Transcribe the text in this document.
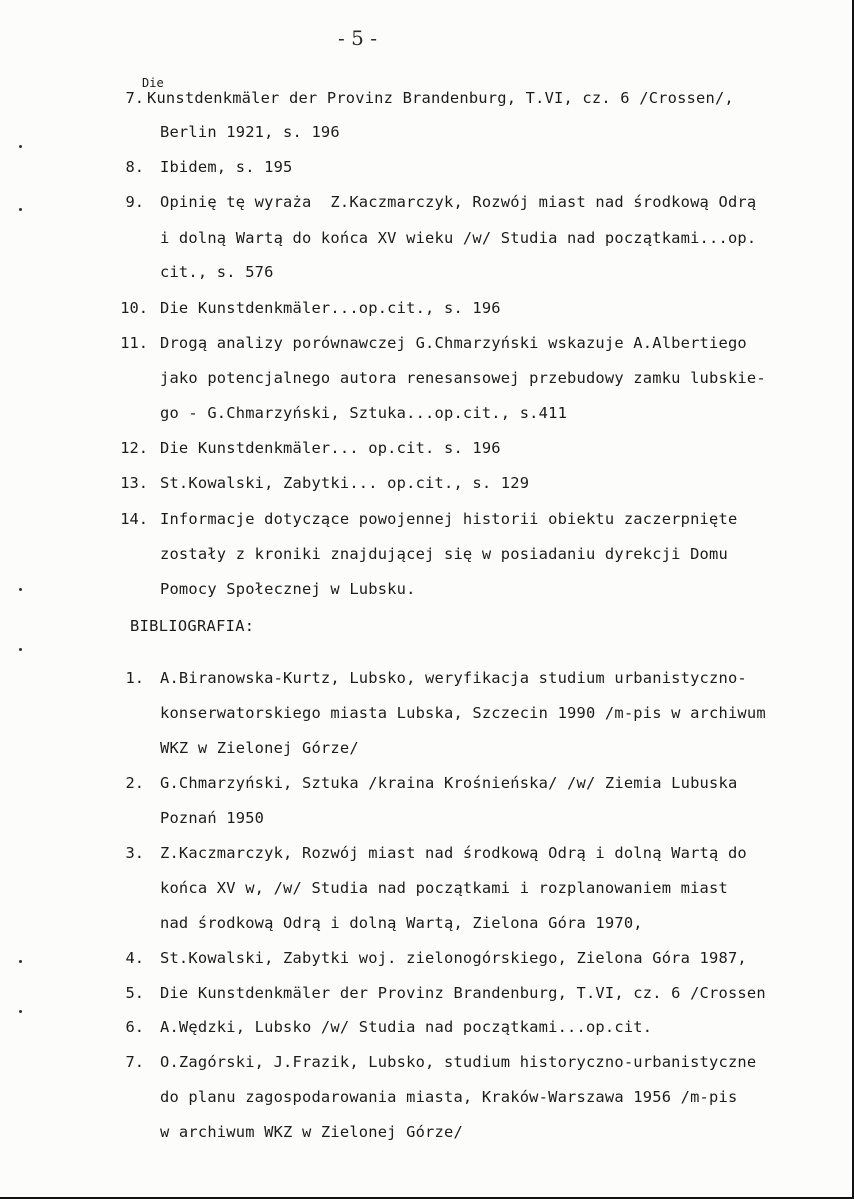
- 5 -
7.
Die
Kunstdenkmäler der Provinz Brandenburg, T.VI, cz. 6 /Crossen/,
Berlin 1921, s. 196
8. Ibidem, s. 195
9. Opinię tę wyraża  Z.Kaczmarczyk, Rozwój miast nad środkową Odrą
i dolną Wartą do końca XV wieku /w/ Studia nad początkami...op.
cit., s. 576
10. Die Kunstdenkmäler...op.cit., s. 196
11. Drogą analizy porównawczej G.Chmarzyński wskazuje A.Albertiego
jako potencjalnego autora renesansowej przebudowy zamku lubskie-
go - G.Chmarzyński, Sztuka...op.cit., s.411
12. Die Kunstdenkmäler... op.cit. s. 196
13. St.Kowalski, Zabytki... op.cit., s. 129
14. Informacje dotyczące powojennej historii obiektu zaczerpnięte
zostały z kroniki znajdującej się w posiadaniu dyrekcji Domu
Pomocy Społecznej w Lubsku.
BIBLIOGRAFIA:
1. A.Biranowska-Kurtz, Lubsko, weryfikacja studium urbanistyczno-
konserwatorskiego miasta Lubska, Szczecin 1990 /m-pis w archiwum
WKZ w Zielonej Górze/
2. G.Chmarzyński, Sztuka /kraina Krośnieńska/ /w/ Ziemia Lubuska
Poznań 1950
3. Z.Kaczmarczyk, Rozwój miast nad środkową Odrą i dolną Wartą do
końca XV w, /w/ Studia nad początkami i rozplanowaniem miast
nad środkową Odrą i dolną Wartą, Zielona Góra 1970,
4. St.Kowalski, Zabytki woj. zielonogórskiego, Zielona Góra 1987,
5. Die Kunstdenkmäler der Provinz Brandenburg, T.VI, cz. 6 /Crossen
6. A.Wędzki, Lubsko /w/ Studia nad początkami...op.cit.
7. O.Zagórski, J.Frazik, Lubsko, studium historyczno-urbanistyczne
do planu zagospodarowania miasta, Kraków-Warszawa 1956 /m-pis
w archiwum WKZ w Zielonej Górze/
